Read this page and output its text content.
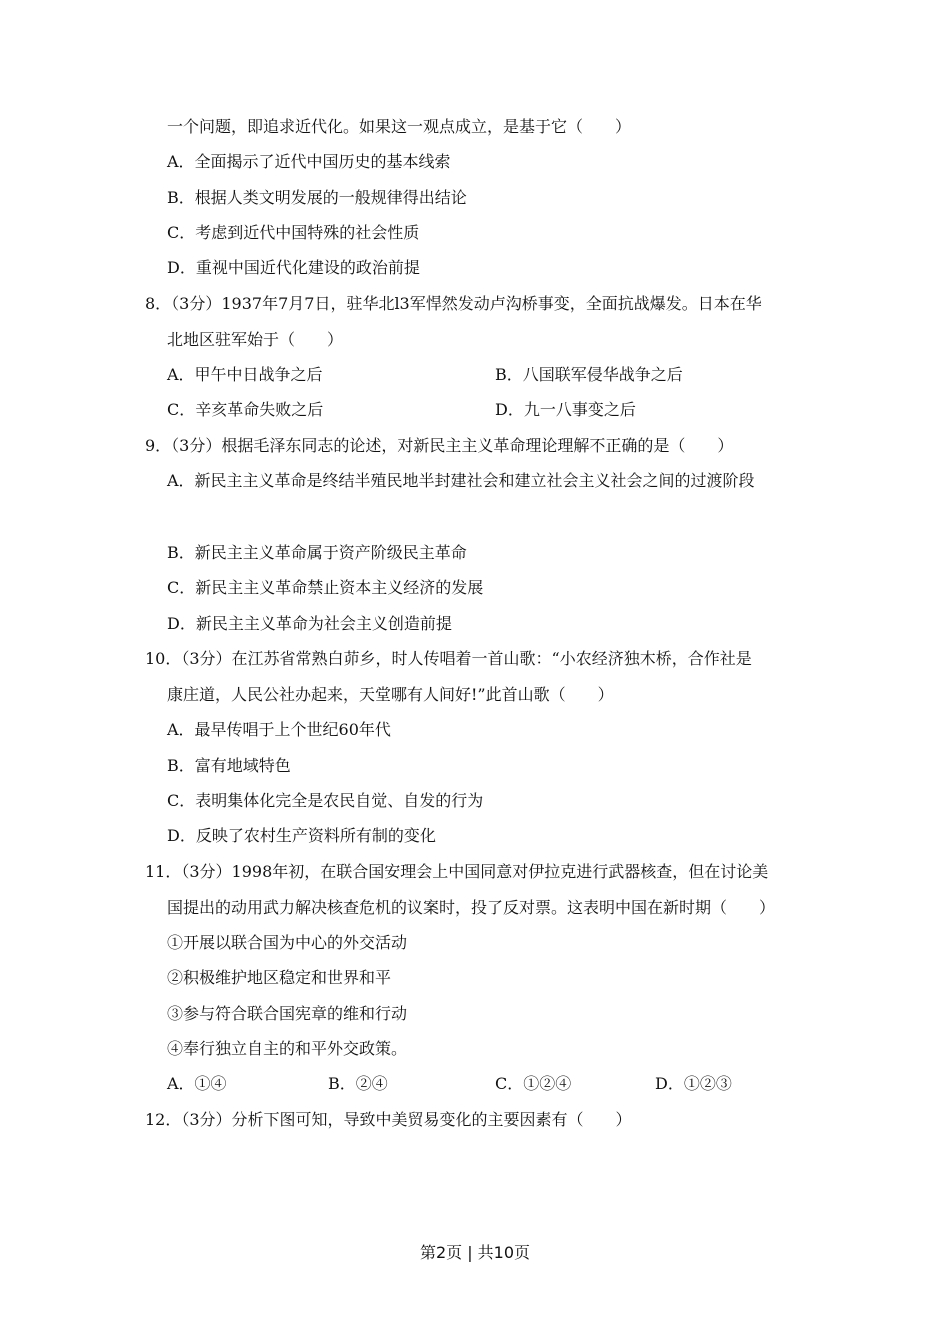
一个问题，即追求近代化。如果这一观点成立，是基于它（　　）
A．全面揭示了近代中国历史的基本线索
B．根据人类文明发展的一般规律得出结论
C．考虑到近代中国特殊的社会性质
D．重视中国近代化建设的政治前提
8．（3分）1937年7月7日，驻华北l3军悍然发动卢沟桥事变，全面抗战爆发。日本在华
北地区驻军始于（　　）
A．甲午中日战争之后	B．八国联军侵华战争之后
C．辛亥革命失败之后	D．九一八事变之后
9．（3分）根据毛泽东同志的论述，对新民主主义革命理论理解不正确的是（　　）
A．新民主主义革命是终结半殖民地半封建社会和建立社会主义社会之间的过渡阶段
B．新民主主义革命属于资产阶级民主革命
C．新民主主义革命禁止资本主义经济的发展
D．新民主主义革命为社会主义创造前提
10．（3分）在江苏省常熟白茆乡，时人传唱着一首山歌：“小农经济独木桥，合作社是
康庄道，人民公社办起来，天堂哪有人间好!”此首山歌（　　）
A．最早传唱于上个世纪60年代
B．富有地域特色
C．表明集体化完全是农民自觉、自发的行为
D．反映了农村生产资料所有制的变化
11．（3分）1998年初，在联合国安理会上中国同意对伊拉克进行武器核查，但在讨论美
国提出的动用武力解决核查危机的议案时，投了反对票。这表明中国在新时期（　　）
①开展以联合国为中心的外交活动
②积极维护地区稳定和世界和平
③参与符合联合国宪章的维和行动
④奉行独立自主的和平外交政策。
A．①④	B．②④	C．①②④	D．①②③
12．（3分）分析下图可知，导致中美贸易变化的主要因素有（　　）
第2页 | 共10页
